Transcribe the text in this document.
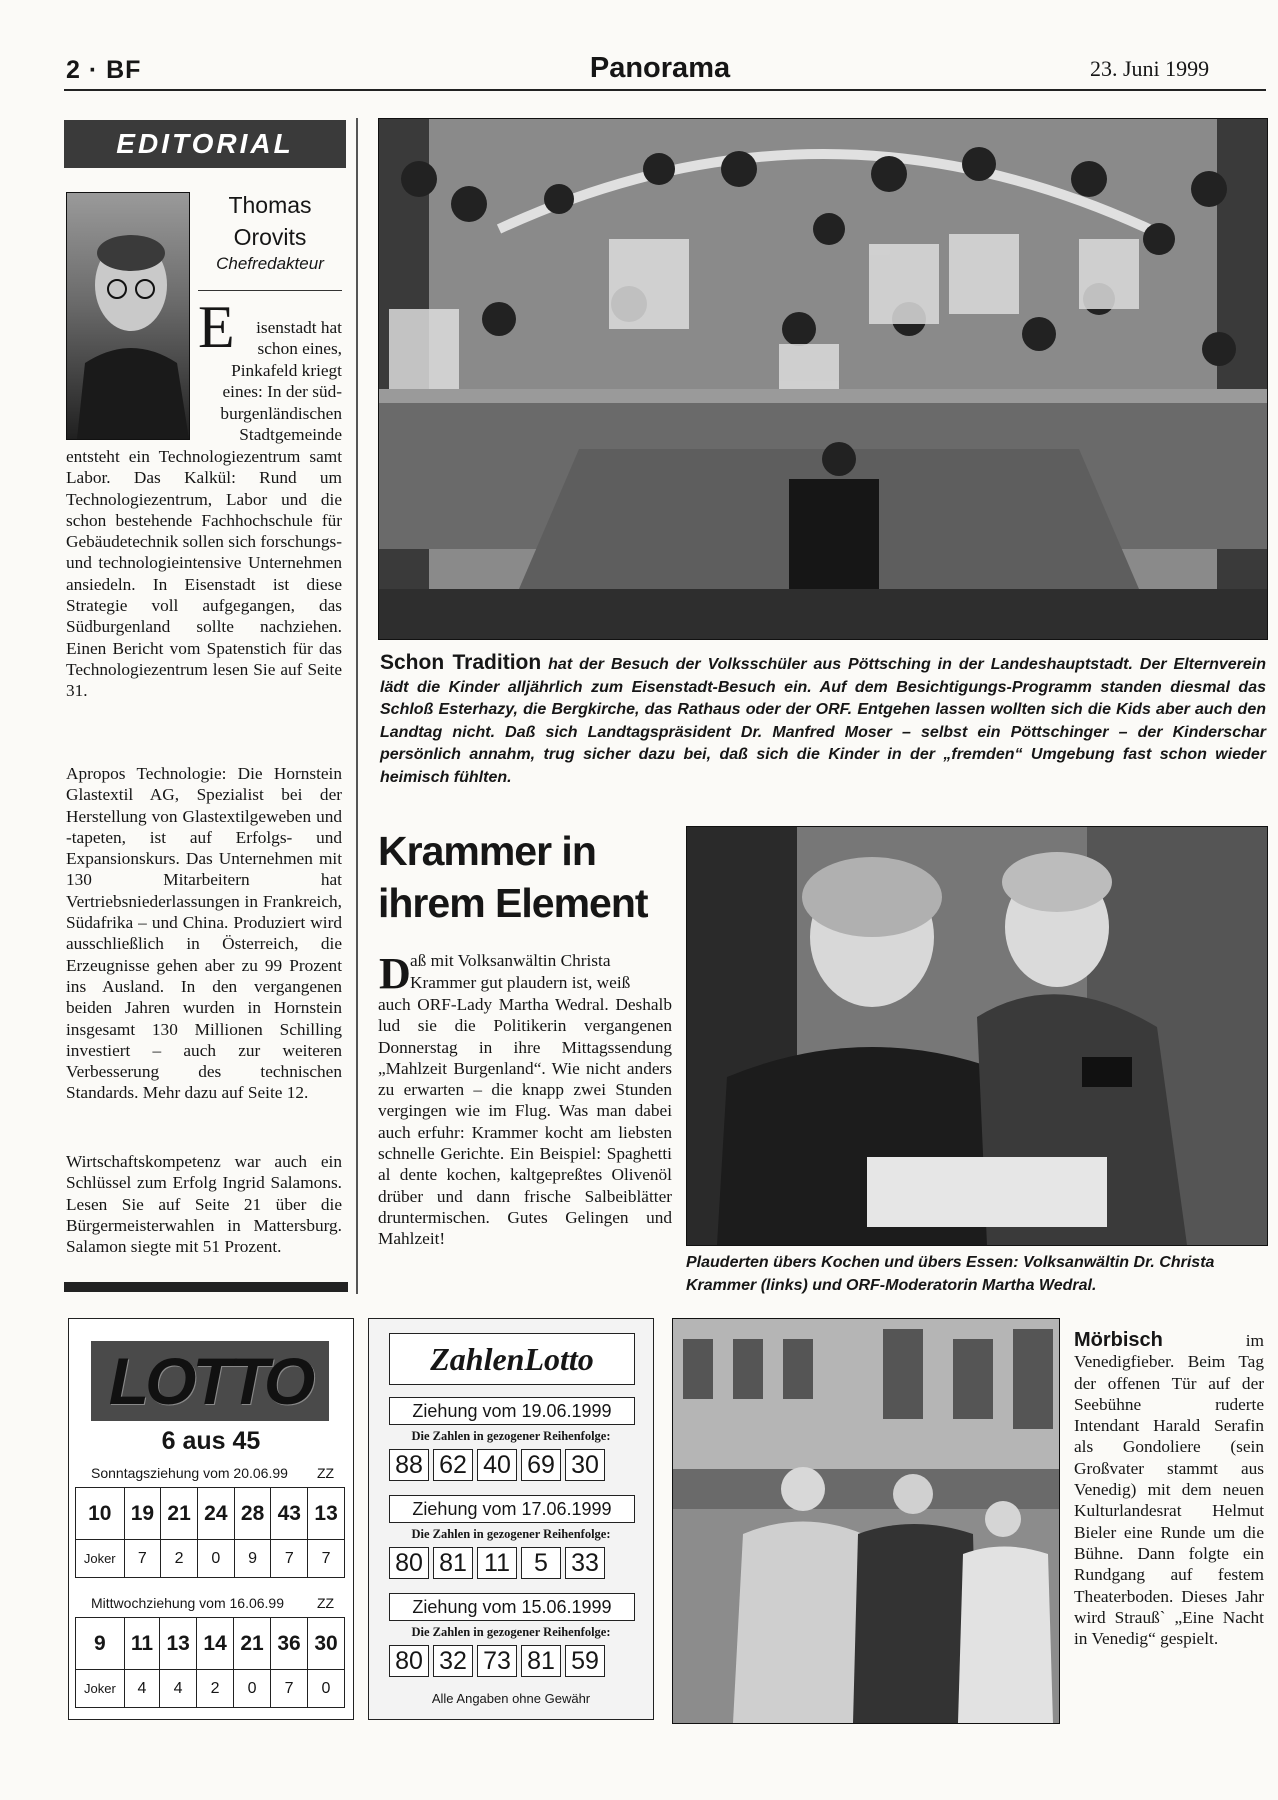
2 · BF	Panorama	23. Juni 1999
EDITORIAL
Thomas
Orovits
Chefredakteur
E	isenstadt hat
schon eines,
Pinkafeld kriegt
eines: In der süd-
burgenländischen
Stadtgemeinde
entsteht ein Technologiezentrum samt Labor. Das Kalkül: Rund um Technologiezentrum, Labor und die schon bestehende Fachhochschule für Gebäudetechnik sollen sich forschungs- und technologieintensive Unternehmen ansiedeln. In Eisenstadt ist diese Strategie voll aufgegangen, das Südburgenland sollte nachziehen. Einen Bericht vom Spatenstich für das Technologiezentrum lesen Sie auf Seite 31.
Apropos Technologie: Die Hornstein Glastextil AG, Spezialist bei der Herstellung von Glastextilgeweben und -tapeten, ist auf Erfolgs- und Expansionskurs. Das Unternehmen mit 130 Mitarbeitern hat Vertriebsniederlassungen in Frankreich, Südafrika – und China. Produziert wird ausschließlich in Österreich, die Erzeugnisse gehen aber zu 99 Prozent ins Ausland. In den vergangenen beiden Jahren wurden in Hornstein insgesamt 130 Millionen Schilling investiert – auch zur weiteren Verbesserung des technischen Standards. Mehr dazu auf Seite 12.
Wirtschaftskompetenz war auch ein Schlüssel zum Erfolg Ingrid Salamons. Lesen Sie auf Seite 21 über die Bürgermeisterwahlen in Mattersburg. Salamon siegte mit 51 Prozent.
Schon Tradition hat der Besuch der Volksschüler aus Pöttsching in der Landeshauptstadt. Der Elternverein lädt die Kinder alljährlich zum Eisenstadt-Besuch ein. Auf dem Besichtigungs-Programm standen diesmal das Schloß Esterhazy, die Bergkirche, das Rathaus oder der ORF. Entgehen lassen wollten sich die Kids aber auch den Landtag nicht. Daß sich Landtagspräsident Dr. Manfred Moser – selbst ein Pöttschinger – der Kinderschar persönlich annahm, trug sicher dazu bei, daß sich die Kinder in der „fremden“ Umgebung fast schon wieder heimisch fühlten.
Krammer in
ihrem Element
D aß mit Volksanwältin Christa
Krammer gut plaudern ist, weiß
auch ORF-Lady Martha Wedral. Deshalb lud sie die Politikerin vergangenen Donnerstag in ihre Mittagssendung „Mahlzeit Burgenland“. Wie nicht anders zu erwarten – die knapp zwei Stunden vergingen wie im Flug. Was man dabei auch erfuhr: Krammer kocht am liebsten schnelle Gerichte. Ein Beispiel: Spaghetti al dente kochen, kaltgepreßtes Olivenöl drüber und dann frische Salbeiblätter druntermischen. Gutes Gelingen und Mahlzeit!
Plauderten übers Kochen und übers Essen: Volksanwältin Dr. Christa Krammer (links) und ORF-Moderatorin Martha Wedral.
LOTTO
6 aus 45
Sonntagsziehung vom 20.06.99 ZZ
10	19	21	24	28	43	13
Joker	7	2	0	9	7	7
Mittwochziehung vom 16.06.99 ZZ
9	11	13	14	21	36	30
Joker	4	4	2	0	7	0
ZahlenLotto
Ziehung vom 19.06.1999
Die Zahlen in gezogener Reihenfolge:
88 62 40 69 30
Ziehung vom 17.06.1999
Die Zahlen in gezogener Reihenfolge:
80 81 11 5 33
Ziehung vom 15.06.1999
Die Zahlen in gezogener Reihenfolge:
80 32 73 81 59
Alle Angaben ohne Gewähr
Mörbisch	im Venedigfieber. Beim Tag der offenen Tür auf der Seebühne ruderte Intendant Harald Serafin als Gondoliere (sein Großvater stammt aus Venedig) mit dem neuen Kulturlandesrat Helmut Bieler eine Runde um die Bühne. Dann folgte ein Rundgang auf festem Theaterboden. Dieses Jahr wird Strauß` „Eine Nacht in Venedig“ gespielt.
